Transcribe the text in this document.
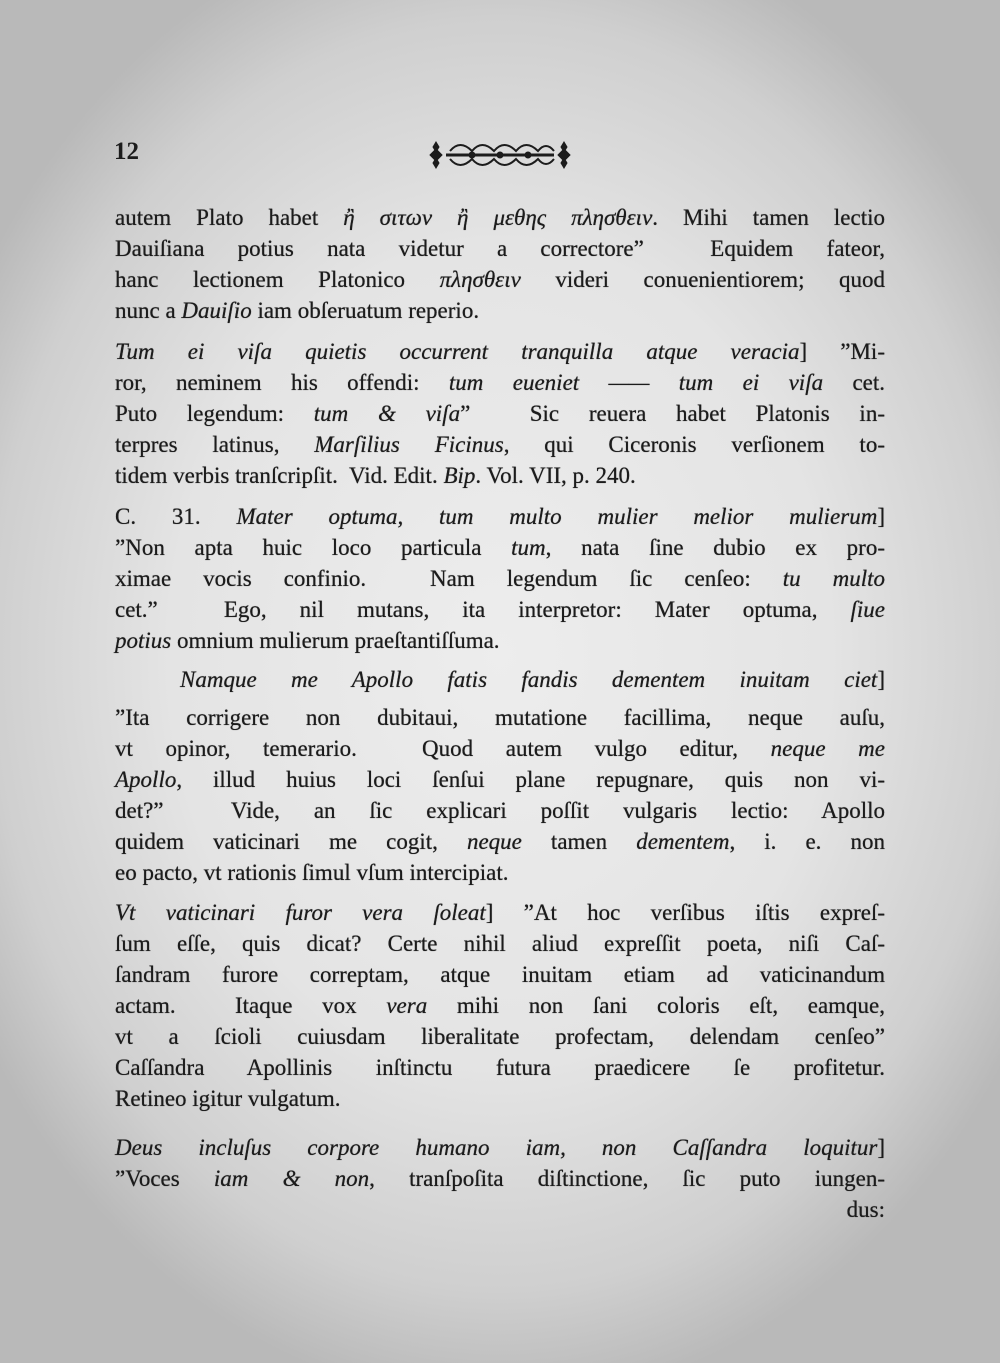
12
autem Plato habet ἢ σιτων ἢ μεθης πλησθειν. Mihi tamen lectio
Dauiſiana potius nata videtur a correctore”  Equidem fateor,
hanc lectionem Platonico πλησθειν videri conuenientiorem; quod
nunc a Dauiſio iam obſeruatum reperio.
Tum ei viſa quietis occurrent tranquilla atque veracia] ”Mi-
ror, neminem his offendi: tum eueniet —— tum ei viſa cet.
Puto legendum: tum & viſa”  Sic reuera habet Platonis in-
terpres latinus, Marſilius Ficinus, qui Ciceronis verſionem to-
tidem verbis tranſcripſit.  Vid. Edit. Bip. Vol. VII, p. 240.
C. 31. Mater optuma, tum multo mulier melior mulierum]
”Non apta huic loco particula tum, nata ſine dubio ex pro-
ximae vocis confinio.  Nam legendum ſic cenſeo: tu multo
cet.”  Ego, nil mutans, ita interpretor: Mater optuma, ſiue
potius omnium mulierum praeſtantiſſuma.
Namque me Apollo fatis fandis dementem inuitam ciet]
”Ita corrigere non dubitaui, mutatione facillima, neque auſu,
vt opinor, temerario.  Quod autem vulgo editur, neque me
Apollo, illud huius loci ſenſui plane repugnare, quis non vi-
det?”  Vide, an ſic explicari poſſit vulgaris lectio: Apollo
quidem vaticinari me cogit, neque tamen dementem, i. e. non
eo pacto, vt rationis ſimul vſum intercipiat.
Vt vaticinari furor vera ſoleat] ”At hoc verſibus iſtis expreſ-
ſum eſſe, quis dicat? Certe nihil aliud expreſſit poeta, niſi Caſ-
ſandram furore correptam, atque inuitam etiam ad vaticinandum
actam.  Itaque vox vera mihi non ſani coloris eſt, eamque,
vt a ſcioli cuiusdam liberalitate profectam, delendam cenſeo”
Caſſandra Apollinis inſtinctu futura praedicere ſe profitetur.
Retineo igitur vulgatum.
Deus incluſus corpore humano iam, non Caſſandra loquitur]
”Voces iam & non, tranſpoſita diſtinctione, ſic puto iungen-
dus:
